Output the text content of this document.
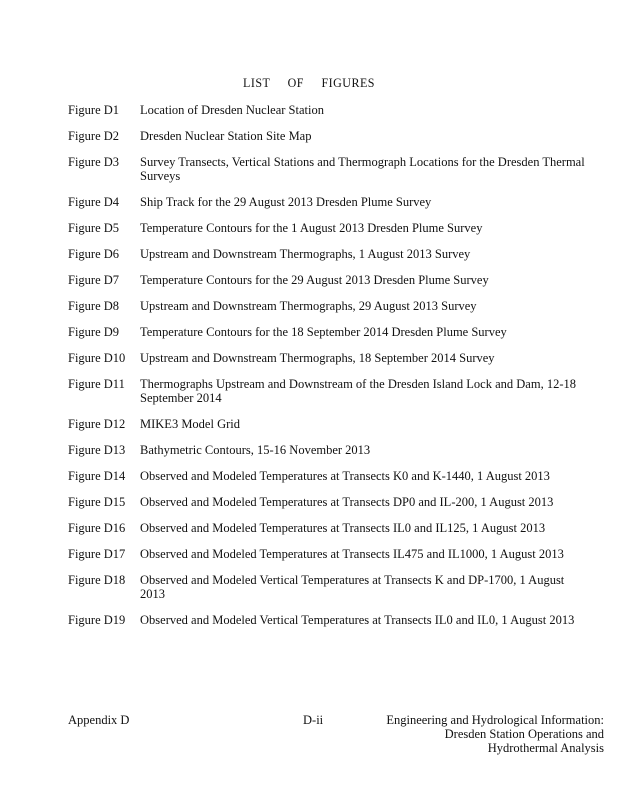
LIST OF FIGURES
Figure D1	Location of Dresden Nuclear Station
Figure D2	Dresden Nuclear Station Site Map
Figure D3	Survey Transects, Vertical Stations and Thermograph Locations for the Dresden Thermal Surveys
Figure D4	Ship Track for the 29 August 2013 Dresden Plume Survey
Figure D5	Temperature Contours for the 1 August 2013 Dresden Plume Survey
Figure D6	Upstream and Downstream Thermographs, 1 August 2013 Survey
Figure D7	Temperature Contours for the 29 August 2013 Dresden Plume Survey
Figure D8	Upstream and Downstream Thermographs, 29 August 2013 Survey
Figure D9	Temperature Contours for the 18 September 2014 Dresden Plume Survey
Figure D10	Upstream and Downstream Thermographs, 18 September 2014 Survey
Figure D11	Thermographs Upstream and Downstream of the Dresden Island Lock and Dam, 12-18 September 2014
Figure D12	MIKE3 Model Grid
Figure D13	Bathymetric Contours, 15-16 November 2013
Figure D14	Observed and Modeled Temperatures at Transects K0 and K-1440, 1 August 2013
Figure D15	Observed and Modeled Temperatures at Transects DP0 and IL-200, 1 August 2013
Figure D16	Observed and Modeled Temperatures at Transects IL0 and IL125, 1 August 2013
Figure D17	Observed and Modeled Temperatures at Transects IL475 and IL1000, 1 August 2013
Figure D18	Observed and Modeled Vertical Temperatures at Transects K and DP-1700, 1 August 2013
Figure D19	Observed and Modeled Vertical Temperatures at Transects IL0 and IL0, 1 August 2013
Appendix D	D-ii	Engineering and Hydrological Information:
Dresden Station Operations and
Hydrothermal Analysis
